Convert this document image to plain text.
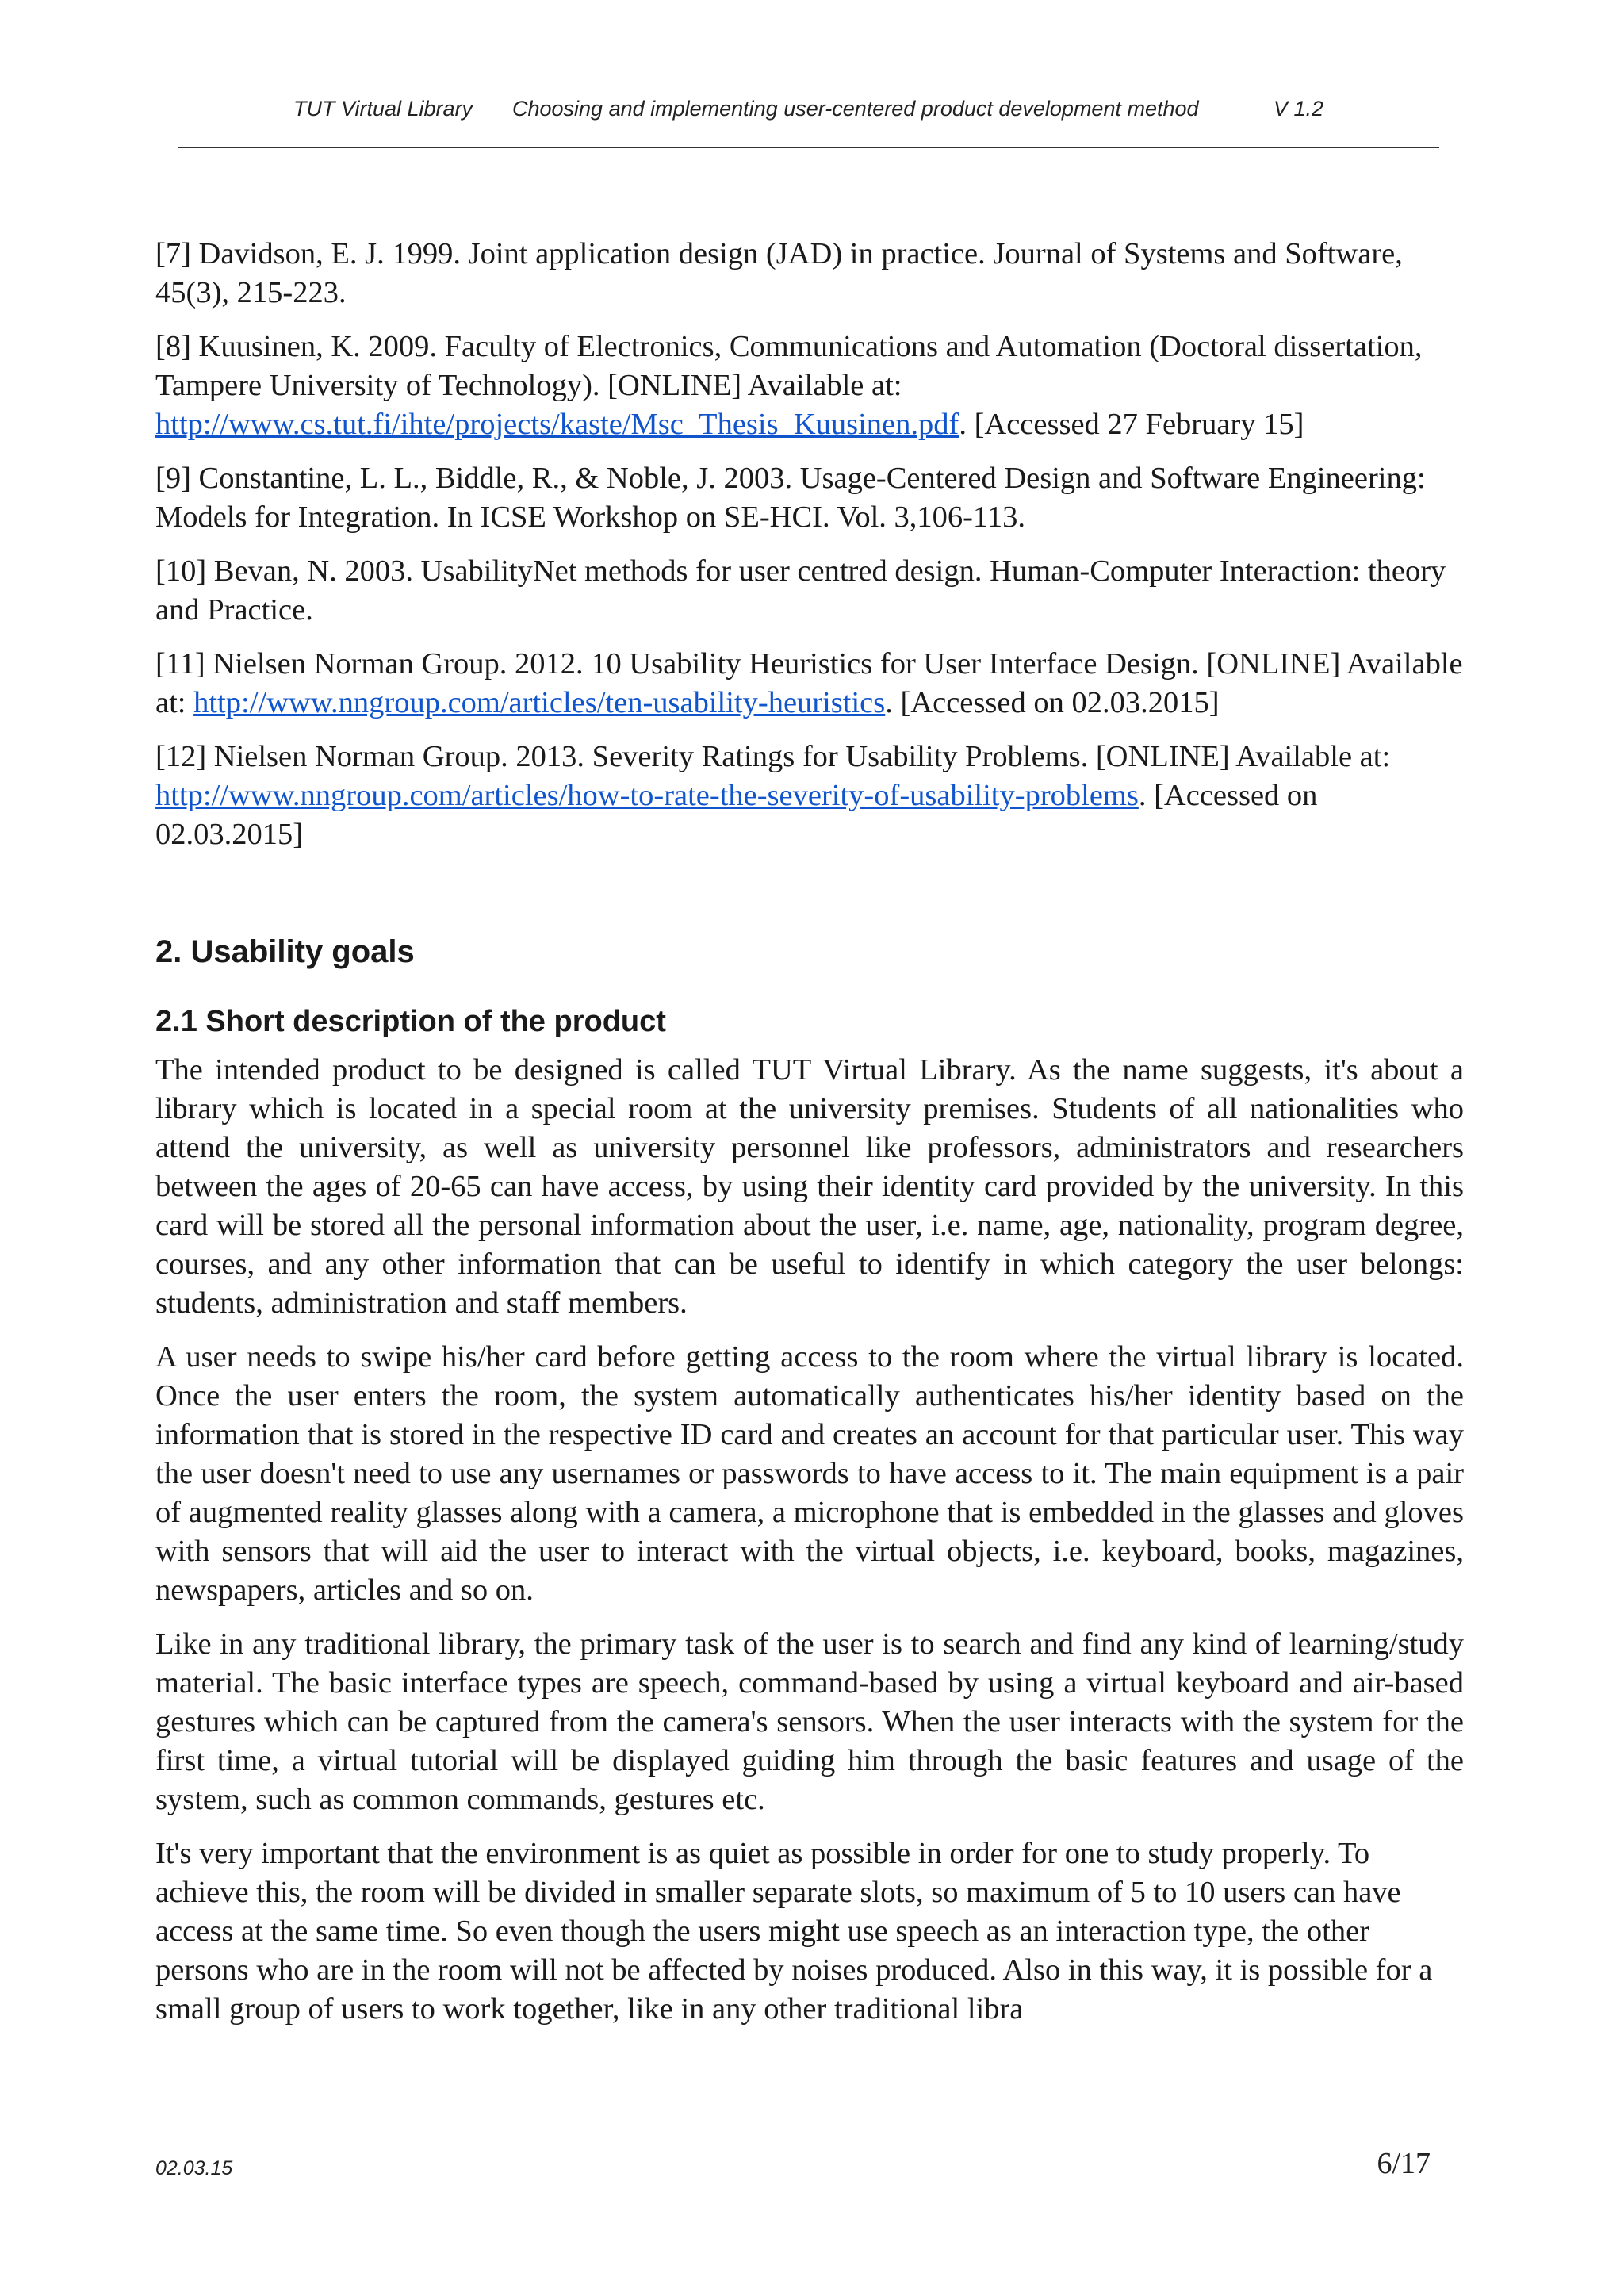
TUT Virtual Library Choosing and implementing user-centered product development method	V 1.2
[7] Davidson, E. J. 1999. Joint application design (JAD) in practice. Journal of Systems and Software, 45(3), 215-223.
[8] Kuusinen, K. 2009. Faculty of Electronics, Communications and Automation (Doctoral dissertation, Tampere University of Technology). [ONLINE] Available at: http://www.cs.tut.fi/ihte/projects/kaste/Msc_Thesis_Kuusinen.pdf. [Accessed 27 February 15]
[9] Constantine, L. L., Biddle, R., & Noble, J. 2003. Usage-Centered Design and Software Engineering: Models for Integration. In ICSE Workshop on SE-HCI. Vol. 3,106-113.
[10] Bevan, N. 2003. UsabilityNet methods for user centred design. Human-Computer Interaction: theory and Practice.
[11] Nielsen Norman Group. 2012. 10 Usability Heuristics for User Interface Design. [ONLINE] Available at: http://www.nngroup.com/articles/ten-usability-heuristics. [Accessed on 02.03.2015]
[12] Nielsen Norman Group. 2013. Severity Ratings for Usability Problems. [ONLINE] Available at: http://www.nngroup.com/articles/how-to-rate-the-severity-of-usability-problems. [Accessed on 02.03.2015]
2. Usability goals
2.1 Short description of the product
The intended product to be designed is called TUT Virtual Library. As the name suggests, it's about a library which is located in a special room at the university premises. Students of all nationalities who attend the university, as well as university personnel like professors, administrators and researchers between the ages of 20-65 can have access, by using their identity card provided by the university. In this card will be stored all the personal information about the user, i.e. name, age, nationality, program degree, courses, and any other information that can be useful to identify in which category the user belongs: students, administration and staff members.
A user needs to swipe his/her card before getting access to the room where the virtual library is located. Once the user enters the room, the system automatically authenticates his/her identity based on the information that is stored in the respective ID card and creates an account for that particular user. This way the user doesn't need to use any usernames or passwords to have access to it. The main equipment is a pair of augmented reality glasses along with a camera, a microphone that is embedded in the glasses and gloves with sensors that will aid the user to interact with the virtual objects, i.e. keyboard, books, magazines, newspapers, articles and so on.
Like in any traditional library, the primary task of the user is to search and find any kind of learning/study material. The basic interface types are speech, command-based by using a virtual keyboard and air-based gestures which can be captured from the camera's sensors. When the user interacts with the system for the first time, a virtual tutorial will be displayed guiding him through the basic features and usage of the system, such as common commands, gestures etc.
It's very important that the environment is as quiet as possible in order for one to study properly. To achieve this, the room will be divided in smaller separate slots, so maximum of 5 to 10 users can have access at the same time. So even though the users might use speech as an interaction type, the other persons who are in the room will not be affected by noises produced. Also in this way, it is possible for a small group of users to work together, like in any other traditional libra
02.03.15	6/17
